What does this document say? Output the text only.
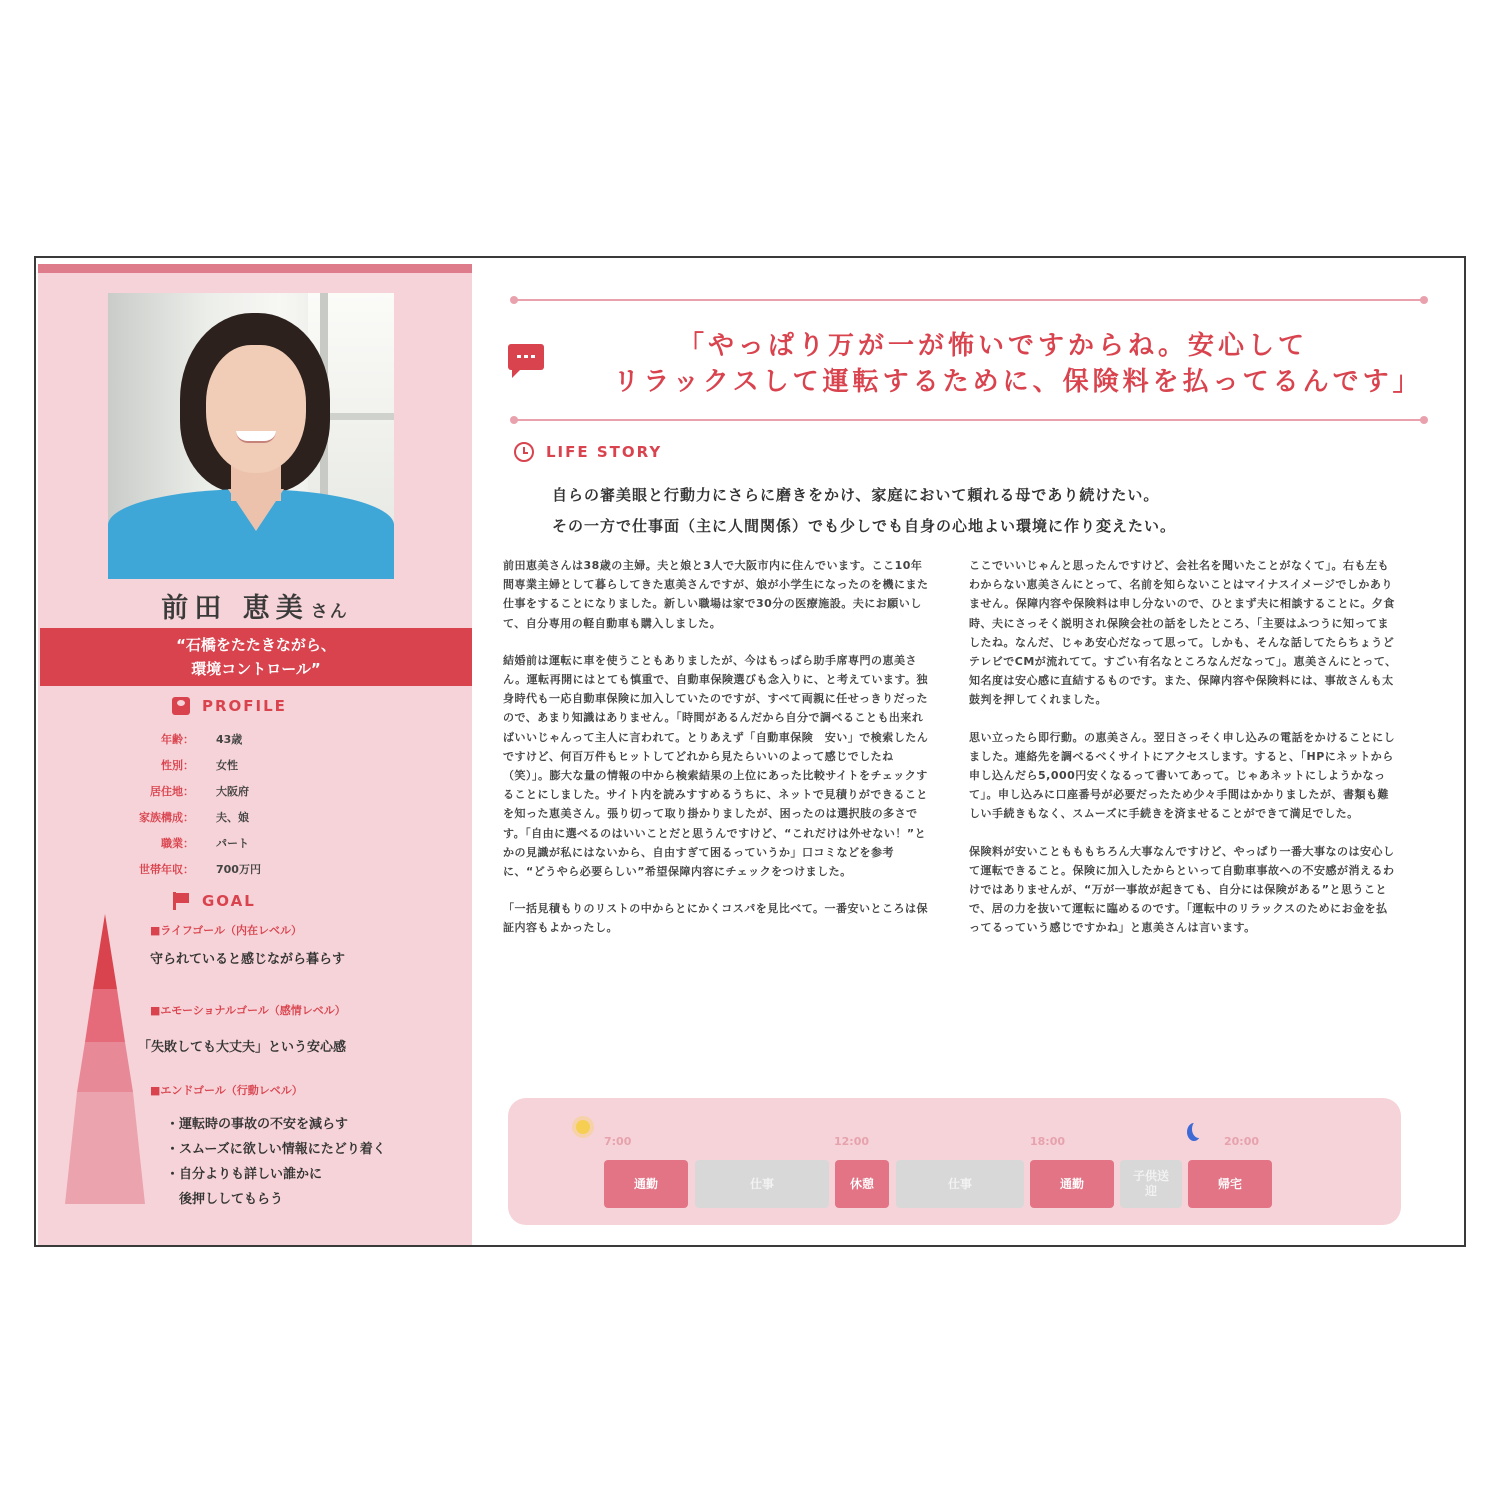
前田 恵美 さん
“石橋をたたきながら、
環境コントロール”
PROFILE
年齢：	43歳
性別：	女性
居住地：	大阪府
家族構成：	夫、娘
職業：	パート
世帯年収：	700万円
GOAL
■ライフゴール（内在レベル）
守られていると感じながら暮らす
■エモーショナルゴール（感情レベル）
「失敗しても大丈夫」という安心感
■エンドゴール（行動レベル）
・運転時の事故の不安を減らす
・スムーズに欲しい情報にたどり着く
・自分よりも詳しい誰かに
　後押ししてもらう
「やっぱり万が一が怖いですからね。安心して
リラックスして運転するために、保険料を払ってるんです」
LIFE STORY
自らの審美眼と行動力にさらに磨きをかけ、家庭において頼れる母であり続けたい。
その一方で仕事面（主に人間関係）でも少しでも自身の心地よい環境に作り変えたい。

前田恵美さんは38歳の主婦。夫と娘と3人で大阪市内に住んでいます。ここ10年間専業主婦として暮らしてきた恵美さんですが、娘が小学生になったのを機にまた仕事をすることになりました。新しい職場は家で30分の医療施設。夫にお願いして、自分専用の軽自動車も購入しました。

結婚前は運転に車を使うこともありましたが、今はもっぱら助手席専門の恵美さん。運転再開にはとても慎重で、自動車保険選びも念入りに、と考えています。独身時代も一応自動車保険に加入していたのですが、すべて両親に任せっきりだったので、あまり知識はありません。「時間があるんだから自分で調べることも出来ればいいじゃんって主人に言われて。とりあえず「自動車保険　安い」で検索したんですけど、何百万件もヒットしてどれから見たらいいのよって感じでしたね（笑）」。膨大な量の情報の中から検索結果の上位にあった比較サイトをチェックすることにしました。サイト内を読みすすめるうちに、ネットで見積りができることを知った恵美さん。張り切って取り掛かりましたが、困ったのは選択肢の多さです。「自由に選べるのはいいことだと思うんですけど、“これだけは外せない！”とかの見識が私にはないから、自由すぎて困るっていうか」口コミなどを参考に、“どうやら必要らしい”希望保障内容にチェックをつけました。

「一括見積もりのリストの中からとにかくコスパを見比べて。一番安いところは保証内容もよかったし。

ここでいいじゃんと思ったんですけど、会社名を聞いたことがなくて」。右も左もわからない恵美さんにとって、名前を知らないことはマイナスイメージでしかありません。保障内容や保険料は申し分ないので、ひとまず夫に相談することに。夕食時、夫にさっそく説明され保険会社の話をしたところ、「主要はふつうに知ってましたね。なんだ、じゃあ安心だなって思って。しかも、そんな話してたらちょうどテレビでCMが流れてて。すごい有名なところなんだなって」。恵美さんにとって、知名度は安心感に直結するものです。また、保障内容や保険料には、事故さんも太鼓判を押してくれました。

思い立ったら即行動。の恵美さん。翌日さっそく申し込みの電話をかけることにしました。連絡先を調べるべくサイトにアクセスします。すると、「HPにネットから申し込んだら5,000円安くなるって書いてあって。じゃあネットにしようかなって」。申し込みに口座番号が必要だったため少々手間はかかりましたが、書類も難しい手続きもなく、スムーズに手続きを済ませることができて満足でした。

保険料が安いこともももちろん大事なんですけど、やっぱり一番大事なのは安心して運転できること。保険に加入したからといって自動車事故への不安感が消えるわけではありませんが、“万が一事故が起きても、自分には保険がある”と思うことで、居の力を抜いて運転に臨めるのです。「運転中のリラックスのためにお金を払ってるっていう感じですかね」と恵美さんは言います。

7:00	12:00	18:00	20:00
通勤	仕事	休憩	仕事	通勤
子供送迎
帰宅
